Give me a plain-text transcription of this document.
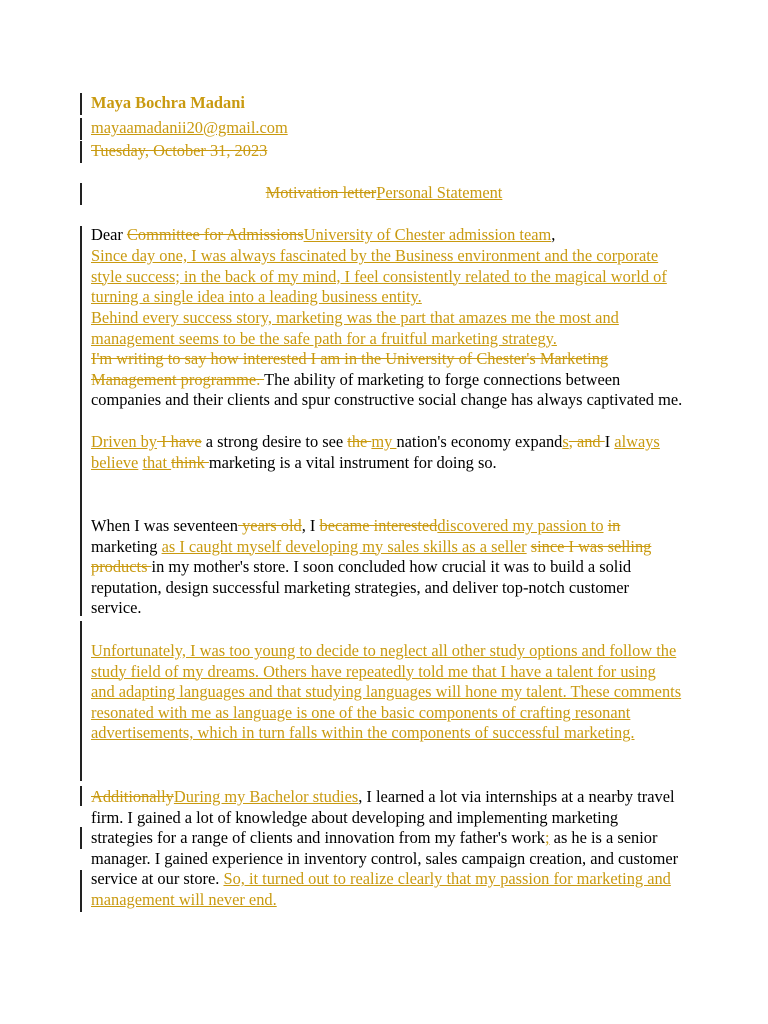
Maya Bochra Madani

mayaamadanii20@gmail.com

Tuesday, October 31, 2023

Motivation letterPersonal Statement

Dear Committee for AdmissionsUniversity of Chester admission team,

Since day one, I was always fascinated by the Business environment and the corporate style success; in the back of my mind, I feel consistently related to the magical world of turning a single idea into a leading business entity.

Behind every success story, marketing was the part that amazes me the most and management seems to be the safe path for a fruitful marketing strategy.

I'm writing to say how interested I am in the University of Chester's Marketing Management programme. The ability of marketing to forge connections between companies and their clients and spur constructive social change has always captivated me.

Driven by I have a strong desire to see the my nation's economy expands, and I always believe that think marketing is a vital instrument for doing so.

When I was seventeen years old, I became interesteddiscovered my passion to in marketing as I caught myself developing my sales skills as a seller since I was selling products in my mother's store. I soon concluded how crucial it was to build a solid reputation, design successful marketing strategies, and deliver top-notch customer service.

Unfortunately, I was too young to decide to neglect all other study options and follow the study field of my dreams. Others have repeatedly told me that I have a talent for using and adapting languages and that studying languages will hone my talent. These comments resonated with me as language is one of the basic components of crafting resonant advertisements, which in turn falls within the components of successful marketing.

AdditionallyDuring my Bachelor studies, I learned a lot via internships at a nearby travel firm. I gained a lot of knowledge about developing and implementing marketing strategies for a range of clients and innovation from my father's work; as he is a senior manager. I gained experience in inventory control, sales campaign creation, and customer service at our store. So, it turned out to realize clearly that my passion for marketing and management will never end.
